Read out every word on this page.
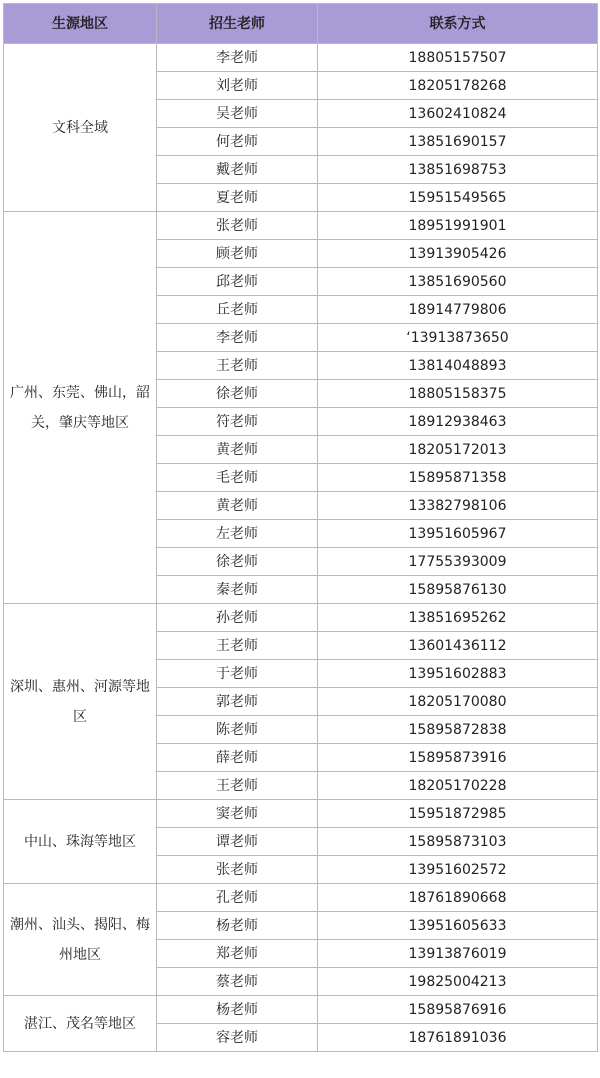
生源地区	招生老师	联系方式
文科全域	李老师	18805157507
	刘老师	18205178268
	吴老师	13602410824
	何老师	13851690157
	戴老师	13851698753
	夏老师	15951549565
广州、东莞、佛山，韶关，肇庆等地区	张老师	18951991901
	顾老师	13913905426
	邱老师	13851690560
	丘老师	18914779806
	李老师	‘13913873650
	王老师	13814048893
	徐老师	18805158375
	符老师	18912938463
	黄老师	18205172013
	毛老师	15895871358
	黄老师	13382798106
	左老师	13951605967
	徐老师	17755393009
	秦老师	15895876130
深圳、惠州、河源等地区	孙老师	13851695262
	王老师	13601436112
	于老师	13951602883
	郭老师	18205170080
	陈老师	15895872838
	薛老师	15895873916
	王老师	18205170228
中山、珠海等地区	窦老师	15951872985
	谭老师	15895873103
	张老师	13951602572
潮州、汕头、揭阳、梅州地区	孔老师	18761890668
	杨老师	13951605633
	郑老师	13913876019
	蔡老师	19825004213
湛江、茂名等地区	杨老师	15895876916
	容老师	18761891036
